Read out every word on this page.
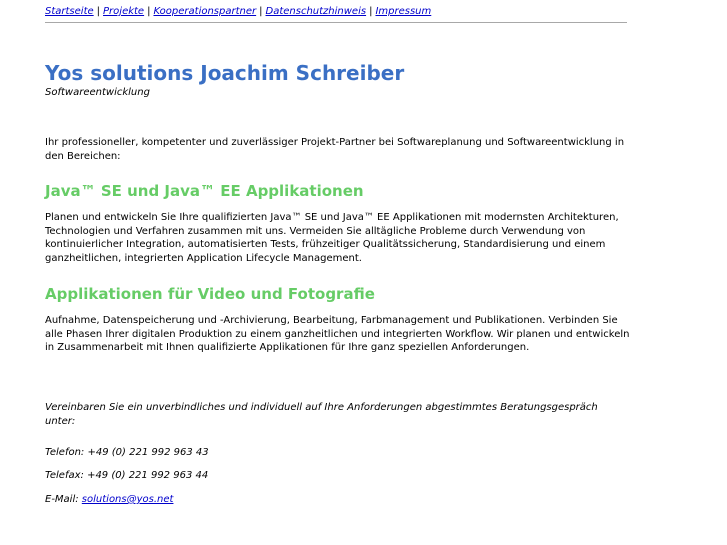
Startseite | Projekte | Kooperationspartner | Datenschutzhinweis | Impressum
Yos solutions Joachim Schreiber
Softwareentwicklung

Ihr professioneller, kompetenter und zuverlässiger Projekt-Partner bei Softwareplanung und Softwareentwicklung in den Bereichen:

Java™ SE und Java™ EE Applikationen

Planen und entwickeln Sie Ihre qualifizierten Java™ SE und Java™ EE Applikationen mit modernsten Architekturen, Technologien und Verfahren zusammen mit uns. Vermeiden Sie alltägliche Probleme durch Verwendung von kontinuierlicher Integration, automatisierten Tests, frühzeitiger Qualitätssicherung, Standardisierung und einem ganzheitlichen, integrierten Application Lifecycle Management.

Applikationen für Video und Fotografie

Aufnahme, Datenspeicherung und -Archivierung, Bearbeitung, Farbmanagement und Publikationen. Verbinden Sie alle Phasen Ihrer digitalen Produktion zu einem ganzheitlichen und integrierten Workflow. Wir planen und entwickeln in Zusammenarbeit mit Ihnen qualifizierte Applikationen für Ihre ganz speziellen Anforderungen.

Vereinbaren Sie ein unverbindliches und individuell auf Ihre Anforderungen abgestimmtes Beratungsgespräch unter:

Telefon: +49 (0) 221 992 963 43

Telefax: +49 (0) 221 992 963 44

E-Mail: solutions@yos.net
